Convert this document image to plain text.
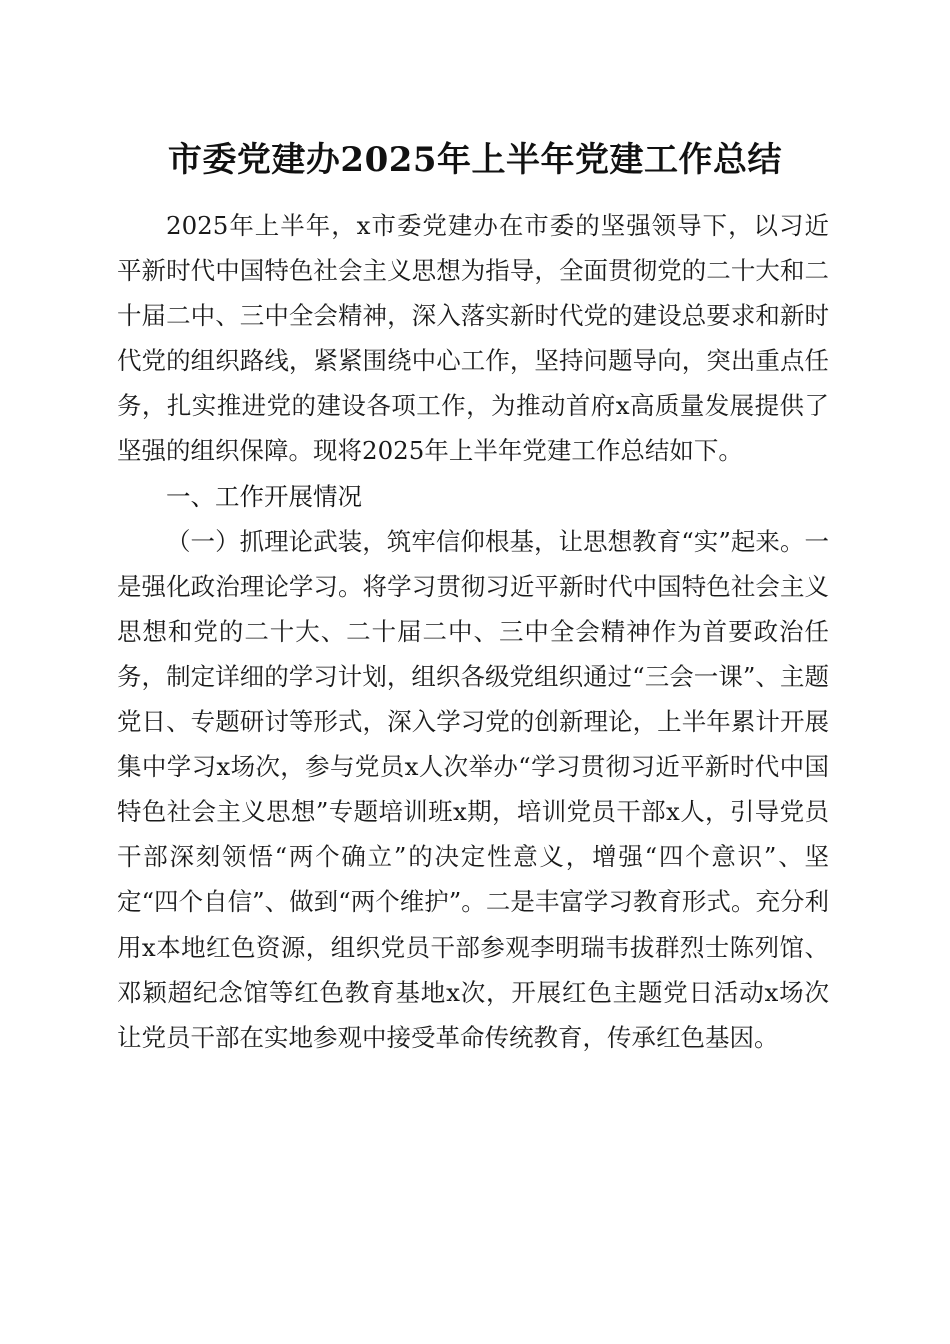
市委党建办2025年上半年党建工作总结

2025年上半年，x市委党建办在市委的坚强领导下，以习近平新时代中国特色社会主义思想为指导，全面贯彻党的二十大和二十届二中、三中全会精神，深入落实新时代党的建设总要求和新时代党的组织路线，紧紧围绕中心工作，坚持问题导向，突出重点任务，扎实推进党的建设各项工作，为推动首府x高质量发展提供了坚强的组织保障。现将2025年上半年党建工作总结如下。

一、工作开展情况

（一）抓理论武装，筑牢信仰根基，让思想教育“实”起来。一是强化政治理论学习。将学习贯彻习近平新时代中国特色社会主义思想和党的二十大、二十届二中、三中全会精神作为首要政治任务，制定详细的学习计划，组织各级党组织通过“三会一课”、主题党日、专题研讨等形式，深入学习党的创新理论，上半年累计开展集中学习x场次，参与党员x人次举办“学习贯彻习近平新时代中国特色社会主义思想”专题培训班x期，培训党员干部x人，引导党员干部深刻领悟“两个确立”的决定性意义，增强“四个意识”、坚定“四个自信”、做到“两个维护”。二是丰富学习教育形式。充分利用x本地红色资源，组织党员干部参观李明瑞韦拔群烈士陈列馆、邓颖超纪念馆等红色教育基地x次，开展红色主题党日活动x场次让党员干部在实地参观中接受革命传统教育，传承红色基因。
